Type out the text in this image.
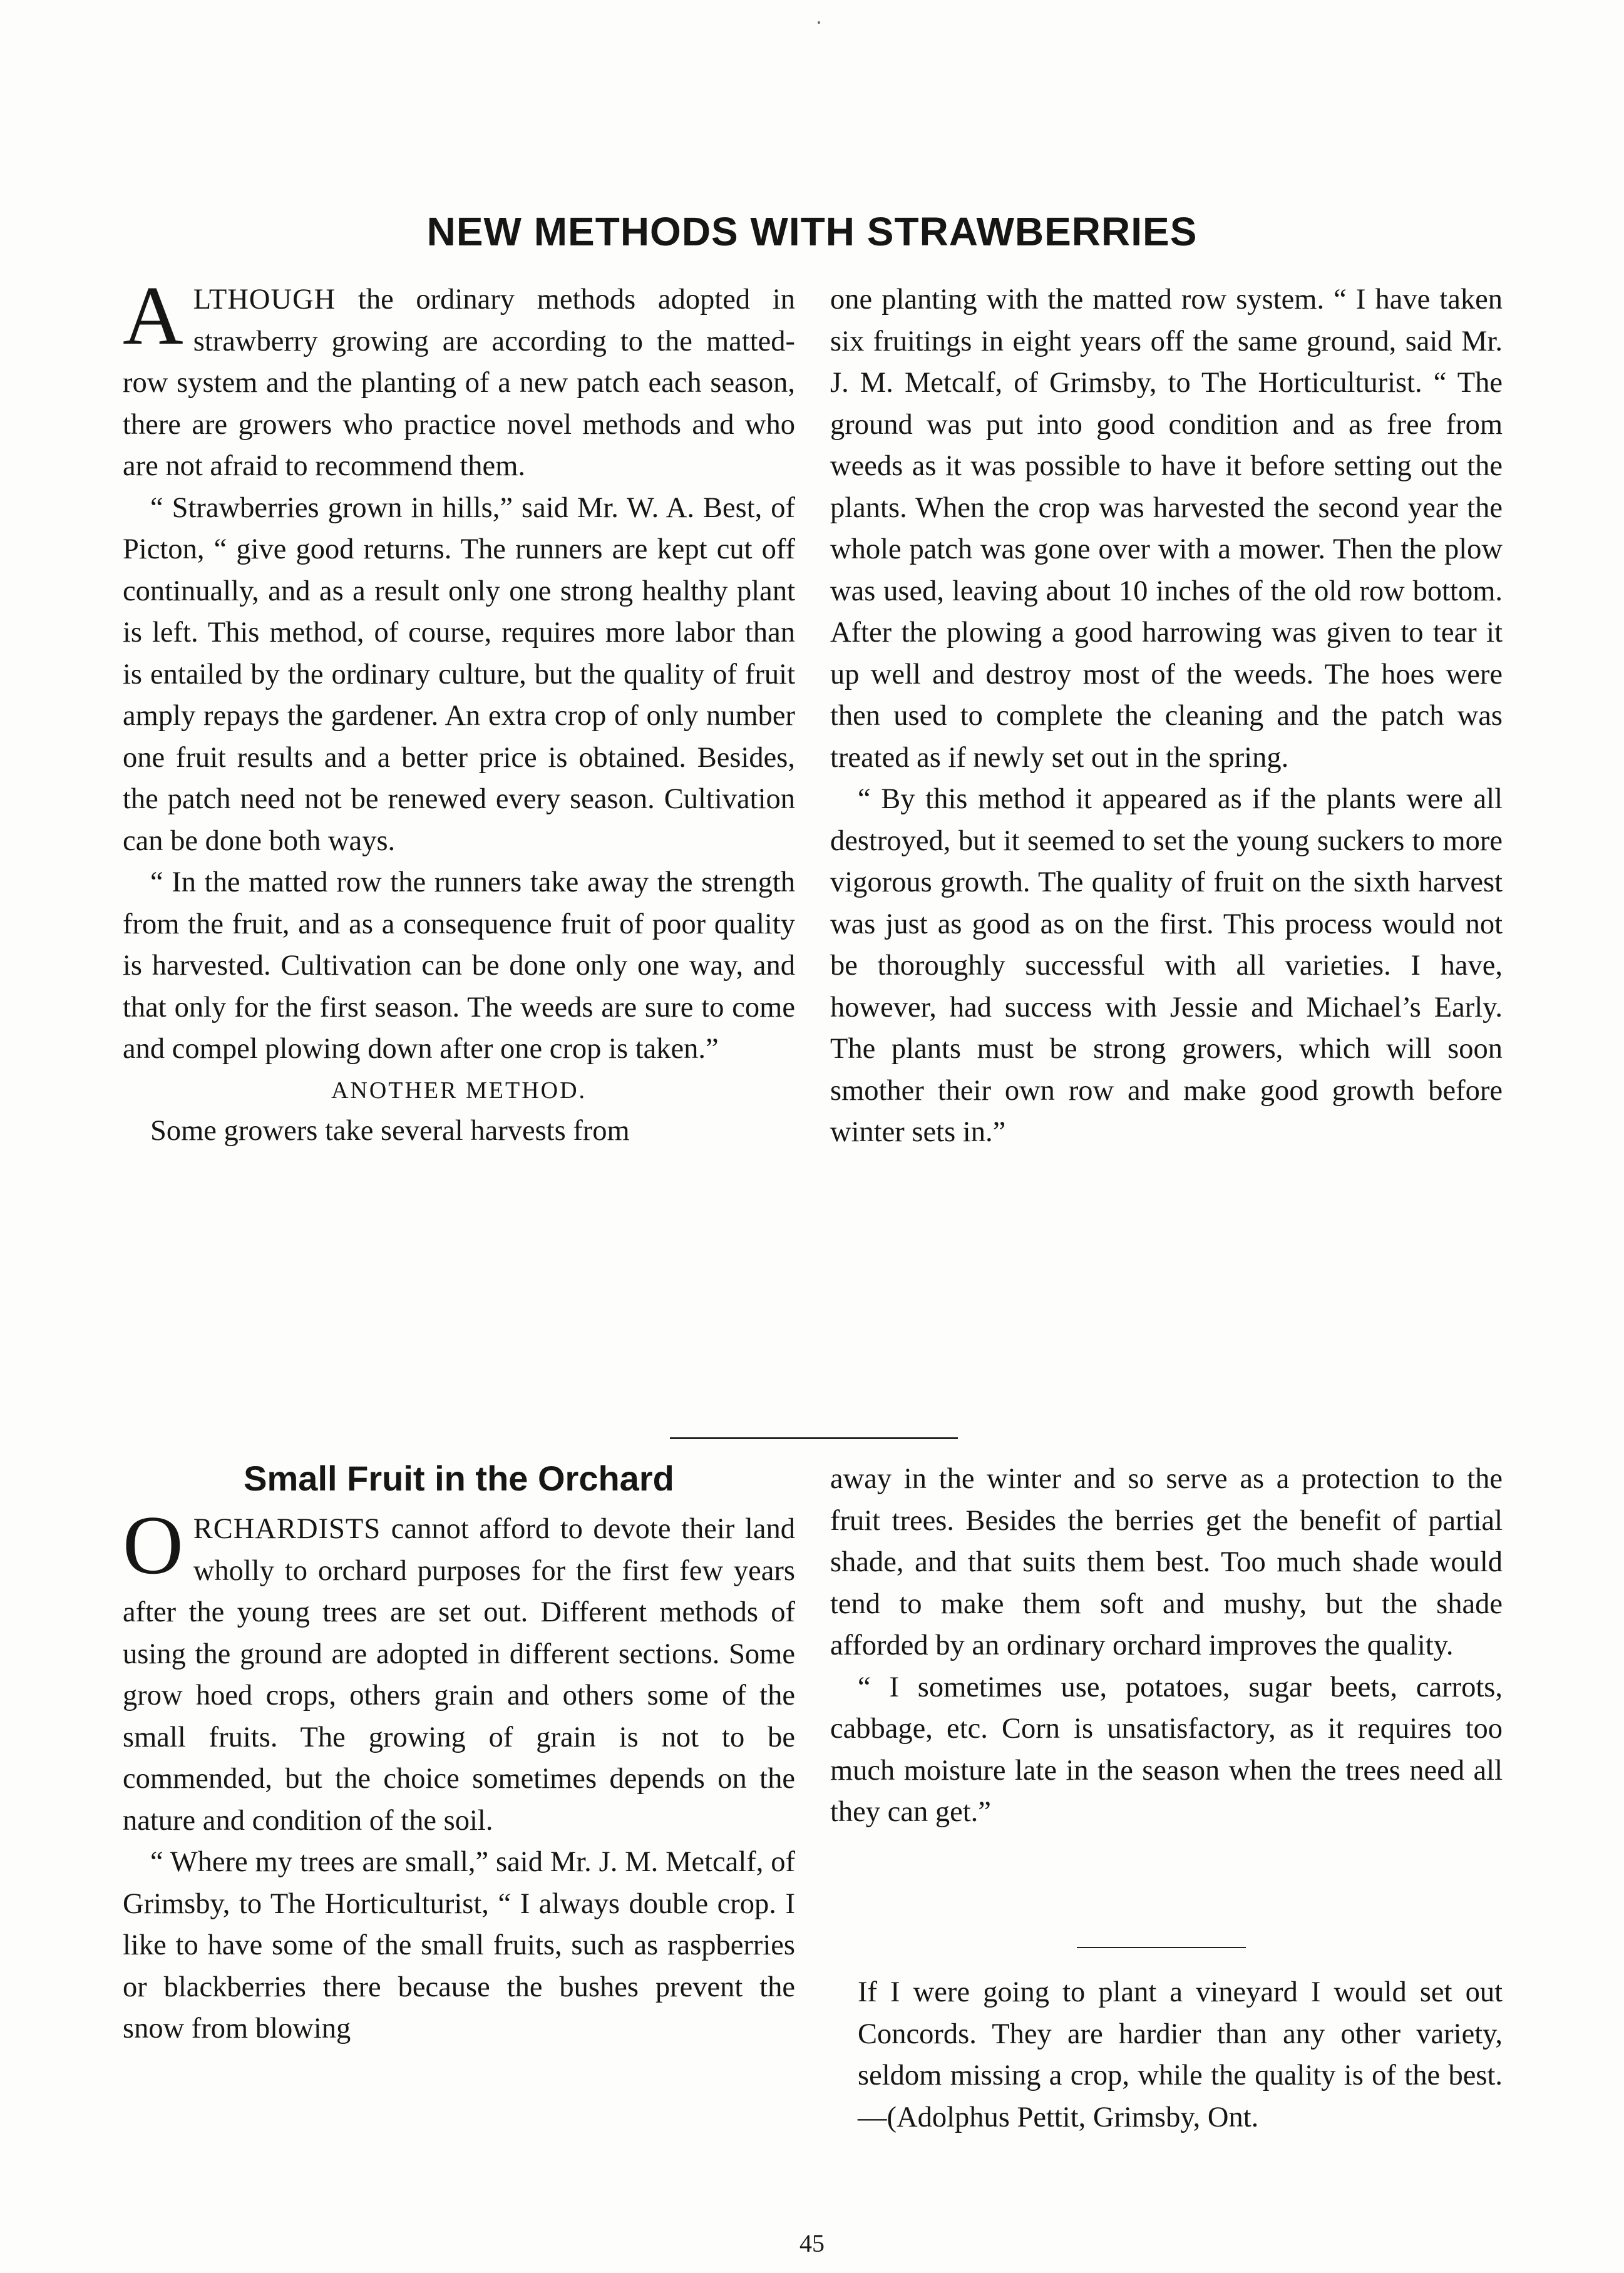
NEW METHODS WITH STRAWBERRIES

ALTHOUGH the ordinary methods adopted in strawberry growing are according to the matted-row system and the planting of a new patch each season, there are growers who practice novel methods and who are not afraid to recommend them.

“ Strawberries grown in hills,” said Mr. W. A. Best, of Picton, “ give good returns. The runners are kept cut off continually, and as a result only one strong healthy plant is left. This method, of course, requires more labor than is entailed by the ordinary culture, but the quality of fruit amply repays the gardener. An extra crop of only number one fruit results and a better price is obtained. Besides, the patch need not be renewed every season. Cultivation can be done both ways.

“ In the matted row the runners take away the strength from the fruit, and as a consequence fruit of poor quality is harvested. Cultivation can be done only one way, and that only for the first season. The weeds are sure to come and compel plowing down after one crop is taken.”

ANOTHER METHOD.

Some growers take several harvests from

one planting with the matted row system. “ I have taken six fruitings in eight years off the same ground, said Mr. J. M. Metcalf, of Grimsby, to The Horticulturist. “ The ground was put into good condition and as free from weeds as it was possible to have it before setting out the plants. When the crop was harvested the second year the whole patch was gone over with a mower. Then the plow was used, leaving about 10 inches of the old row bottom. After the plowing a good harrowing was given to tear it up well and destroy most of the weeds. The hoes were then used to complete the cleaning and the patch was treated as if newly set out in the spring.

“ By this method it appeared as if the plants were all destroyed, but it seemed to set the young suckers to more vigorous growth. The quality of fruit on the sixth harvest was just as good as on the first. This process would not be thoroughly successful with all varieties. I have, however, had success with Jessie and Michael’s Early. The plants must be strong growers, which will soon smother their own row and make good growth before winter sets in.”

Small Fruit in the Orchard

ORCHARDISTS cannot afford to devote their land wholly to orchard purposes for the first few years after the young trees are set out. Different methods of using the ground are adopted in different sections. Some grow hoed crops, others grain and others some of the small fruits. The growing of grain is not to be commended, but the choice sometimes depends on the nature and condition of the soil.

“ Where my trees are small,” said Mr. J. M. Metcalf, of Grimsby, to The Horticulturist, “ I always double crop. I like to have some of the small fruits, such as raspberries or blackberries there because the bushes prevent the snow from blowing

away in the winter and so serve as a protection to the fruit trees. Besides the berries get the benefit of partial shade, and that suits them best. Too much shade would tend to make them soft and mushy, but the shade afforded by an ordinary orchard improves the quality.

“ I sometimes use, potatoes, sugar beets, carrots, cabbage, etc. Corn is unsatisfactory, as it requires too much moisture late in the season when the trees need all they can get.”

If I were going to plant a vineyard I would set out Concords. They are hardier than any other variety, seldom missing a crop, while the quality is of the best.—(Adolphus Pettit, Grimsby, Ont.

45
